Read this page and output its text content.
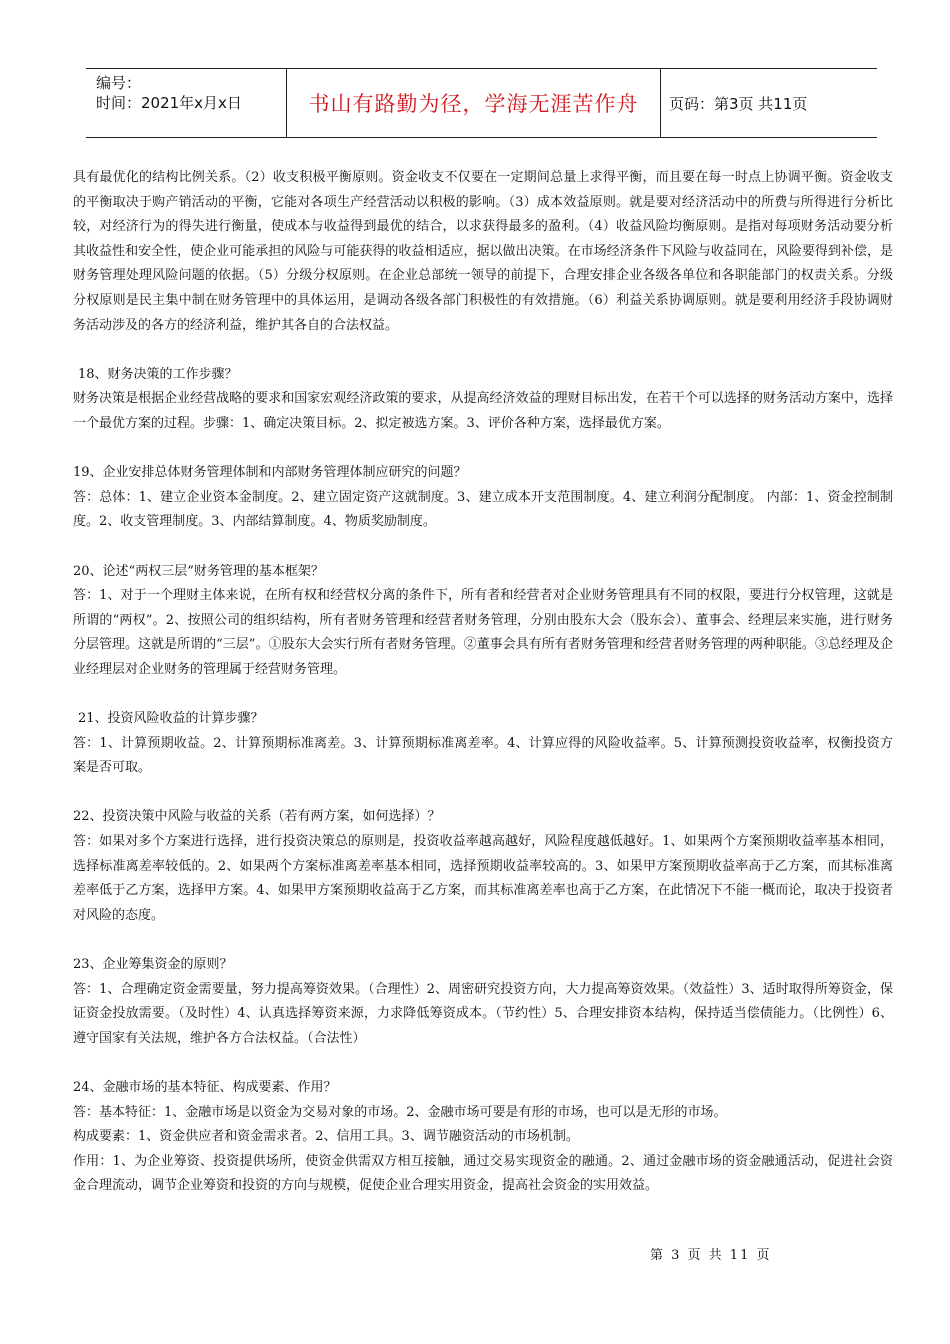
编号：
时间：2021年x月x日	书山有路勤为径，学海无涯苦作舟	页码：第3页 共11页

具有最优化的结构比例关系。（2）收支积极平衡原则。资金收支不仅要在一定期间总量上求得平衡，而且要在每一时点上协调平衡。资金收支的平衡取决于购产销活动的平衡，它能对各项生产经营活动以积极的影响。（3）成本效益原则。就是要对经济活动中的所费与所得进行分析比较，对经济行为的得失进行衡量，使成本与收益得到最优的结合，以求获得最多的盈利。（4）收益风险均衡原则。是指对每项财务活动要分析其收益性和安全性，使企业可能承担的风险与可能获得的收益相适应，据以做出决策。在市场经济条件下风险与收益同在，风险要得到补偿，是财务管理处理风险问题的依据。（5）分级分权原则。在企业总部统一领导的前提下，合理安排企业各级各单位和各职能部门的权责关系。分级分权原则是民主集中制在财务管理中的具体运用，是调动各级各部门积极性的有效措施。（6）利益关系协调原则。就是要利用经济手段协调财务活动涉及的各方的经济利益，维护其各自的合法权益。

18、财务决策的工作步骤？

财务决策是根据企业经营战略的要求和国家宏观经济政策的要求，从提高经济效益的理财目标出发，在若干个可以选择的财务活动方案中，选择一个最优方案的过程。步骤：1、确定决策目标。2、拟定被选方案。3、评价各种方案，选择最优方案。

19、企业安排总体财务管理体制和内部财务管理体制应研究的问题？

答：总体：1、建立企业资本金制度。2、建立固定资产这就制度。3、建立成本开支范围制度。4、建立利润分配制度。 内部：1、资金控制制度。2、收支管理制度。3、内部结算制度。4、物质奖励制度。

20、论述“两权三层”财务管理的基本框架？

答：1、对于一个理财主体来说，在所有权和经营权分离的条件下，所有者和经营者对企业财务管理具有不同的权限，要进行分权管理，这就是所谓的“两权”。2、按照公司的组织结构，所有者财务管理和经营者财务管理，分别由股东大会（股东会）、董事会、经理层来实施，进行财务分层管理。这就是所谓的“三层”。①股东大会实行所有者财务管理。②董事会具有所有者财务管理和经营者财务管理的两种职能。③总经理及企业经理层对企业财务的管理属于经营财务管理。

21、投资风险收益的计算步骤？

答：1、计算预期收益。2、计算预期标准离差。3、计算预期标准离差率。4、计算应得的风险收益率。5、计算预测投资收益率，权衡投资方案是否可取。

22、投资决策中风险与收益的关系（若有两方案，如何选择）？

答：如果对多个方案进行选择，进行投资决策总的原则是，投资收益率越高越好，风险程度越低越好。1、如果两个方案预期收益率基本相同，选择标准离差率较低的。2、如果两个方案标准离差率基本相同，选择预期收益率较高的。3、如果甲方案预期收益率高于乙方案，而其标准离差率低于乙方案，选择甲方案。4、如果甲方案预期收益高于乙方案，而其标准离差率也高于乙方案，在此情况下不能一概而论，取决于投资者对风险的态度。

23、企业筹集资金的原则？

答：1、合理确定资金需要量，努力提高筹资效果。（合理性）2、周密研究投资方向，大力提高筹资效果。（效益性）3、适时取得所筹资金，保证资金投放需要。（及时性）4、认真选择筹资来源，力求降低筹资成本。（节约性）5、合理安排资本结构，保持适当偿债能力。（比例性）6、遵守国家有关法规，维护各方合法权益。（合法性）

24、金融市场的基本特征、构成要素、作用？

答：基本特征：1、金融市场是以资金为交易对象的市场。2、金融市场可要是有形的市场，也可以是无形的市场。

构成要素：1、资金供应者和资金需求者。2、信用工具。3、调节融资活动的市场机制。

作用：1、为企业筹资、投资提供场所，使资金供需双方相互接触，通过交易实现资金的融通。2、通过金融市场的资金融通活动，促进社会资金合理流动，调节企业筹资和投资的方向与规模，促使企业合理实用资金，提高社会资金的实用效益。

第 3 页 共 11 页
